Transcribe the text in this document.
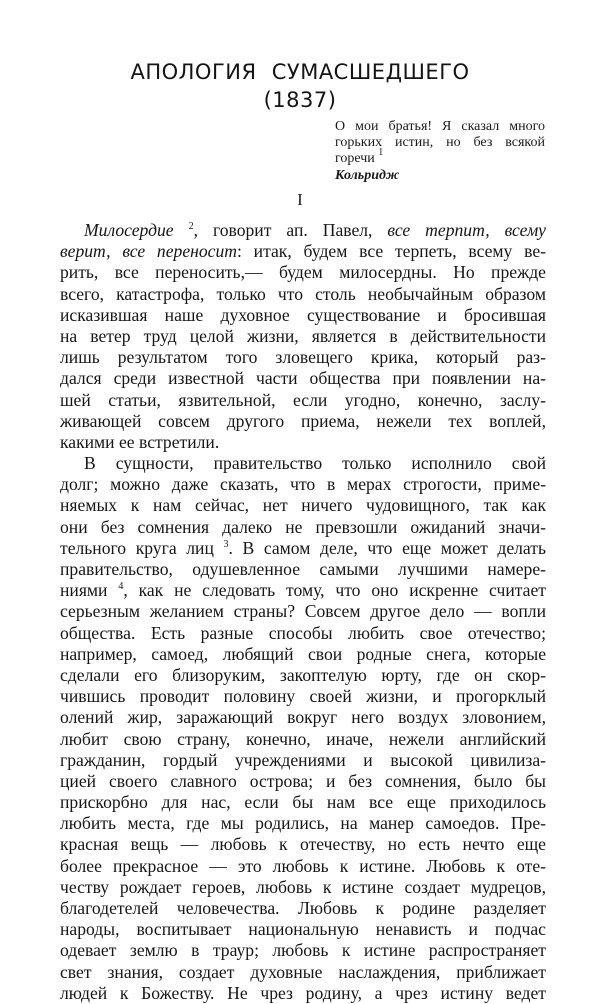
АПОЛОГИЯ СУМАСШЕДШЕГО
(1837)
О мои братья! Я сказал много горьких истин, но без всякой горечи $^1$
Кольридж
I
Милосердие $^2$, говорит ап. Павел, все терпит, всему
верит, все переносит: итак, будем все терпеть, всему ве-
рить, все переносить,— будем милосердны. Но прежде
всего, катастрофа, только что столь необычайным образом
исказившая наше духовное существование и бросившая
на ветер труд целой жизни, является в действительности
лишь результатом того зловещего крика, который раз-
дался среди известной части общества при появлении на-
шей статьи, язвительной, если угодно, конечно, заслу-
живающей совсем другого приема, нежели тех воплей,
какими ее встретили.
В сущности, правительство только исполнило свой
долг; можно даже сказать, что в мерах строгости, приме-
няемых к нам сейчас, нет ничего чудовищного, так как
они без сомнения далеко не превзошли ожиданий значи-
тельного круга лиц $^3$. В самом деле, что еще может делать
правительство, одушевленное самыми лучшими намере-
ниями $^4$, как не следовать тому, что оно искренне считает
серьезным желанием страны? Совсем другое дело — вопли
общества. Есть разные способы любить свое отечество;
например, самоед, любящий свои родные снега, которые
сделали его близоруким, закоптелую юрту, где он скор-
чившись проводит половину своей жизни, и прогорклый
олений жир, заражающий вокруг него воздух зловонием,
любит свою страну, конечно, иначе, нежели английский
гражданин, гордый учреждениями и высокой цивилиза-
цией своего славного острова; и без сомнения, было бы
прискорбно для нас, если бы нам все еще приходилось
любить места, где мы родились, на манер самоедов. Пре-
красная вещь — любовь к отечеству, но есть нечто еще
более прекрасное — это любовь к истине. Любовь к оте-
честву рождает героев, любовь к истине создает мудрецов,
благодетелей человечества. Любовь к родине разделяет
народы, воспитывает национальную ненависть и подчас
одевает землю в траур; любовь к истине распространяет
свет знания, создает духовные наслаждения, приближает
людей к Божеству. Не чрез родину, а чрез истину ведет
